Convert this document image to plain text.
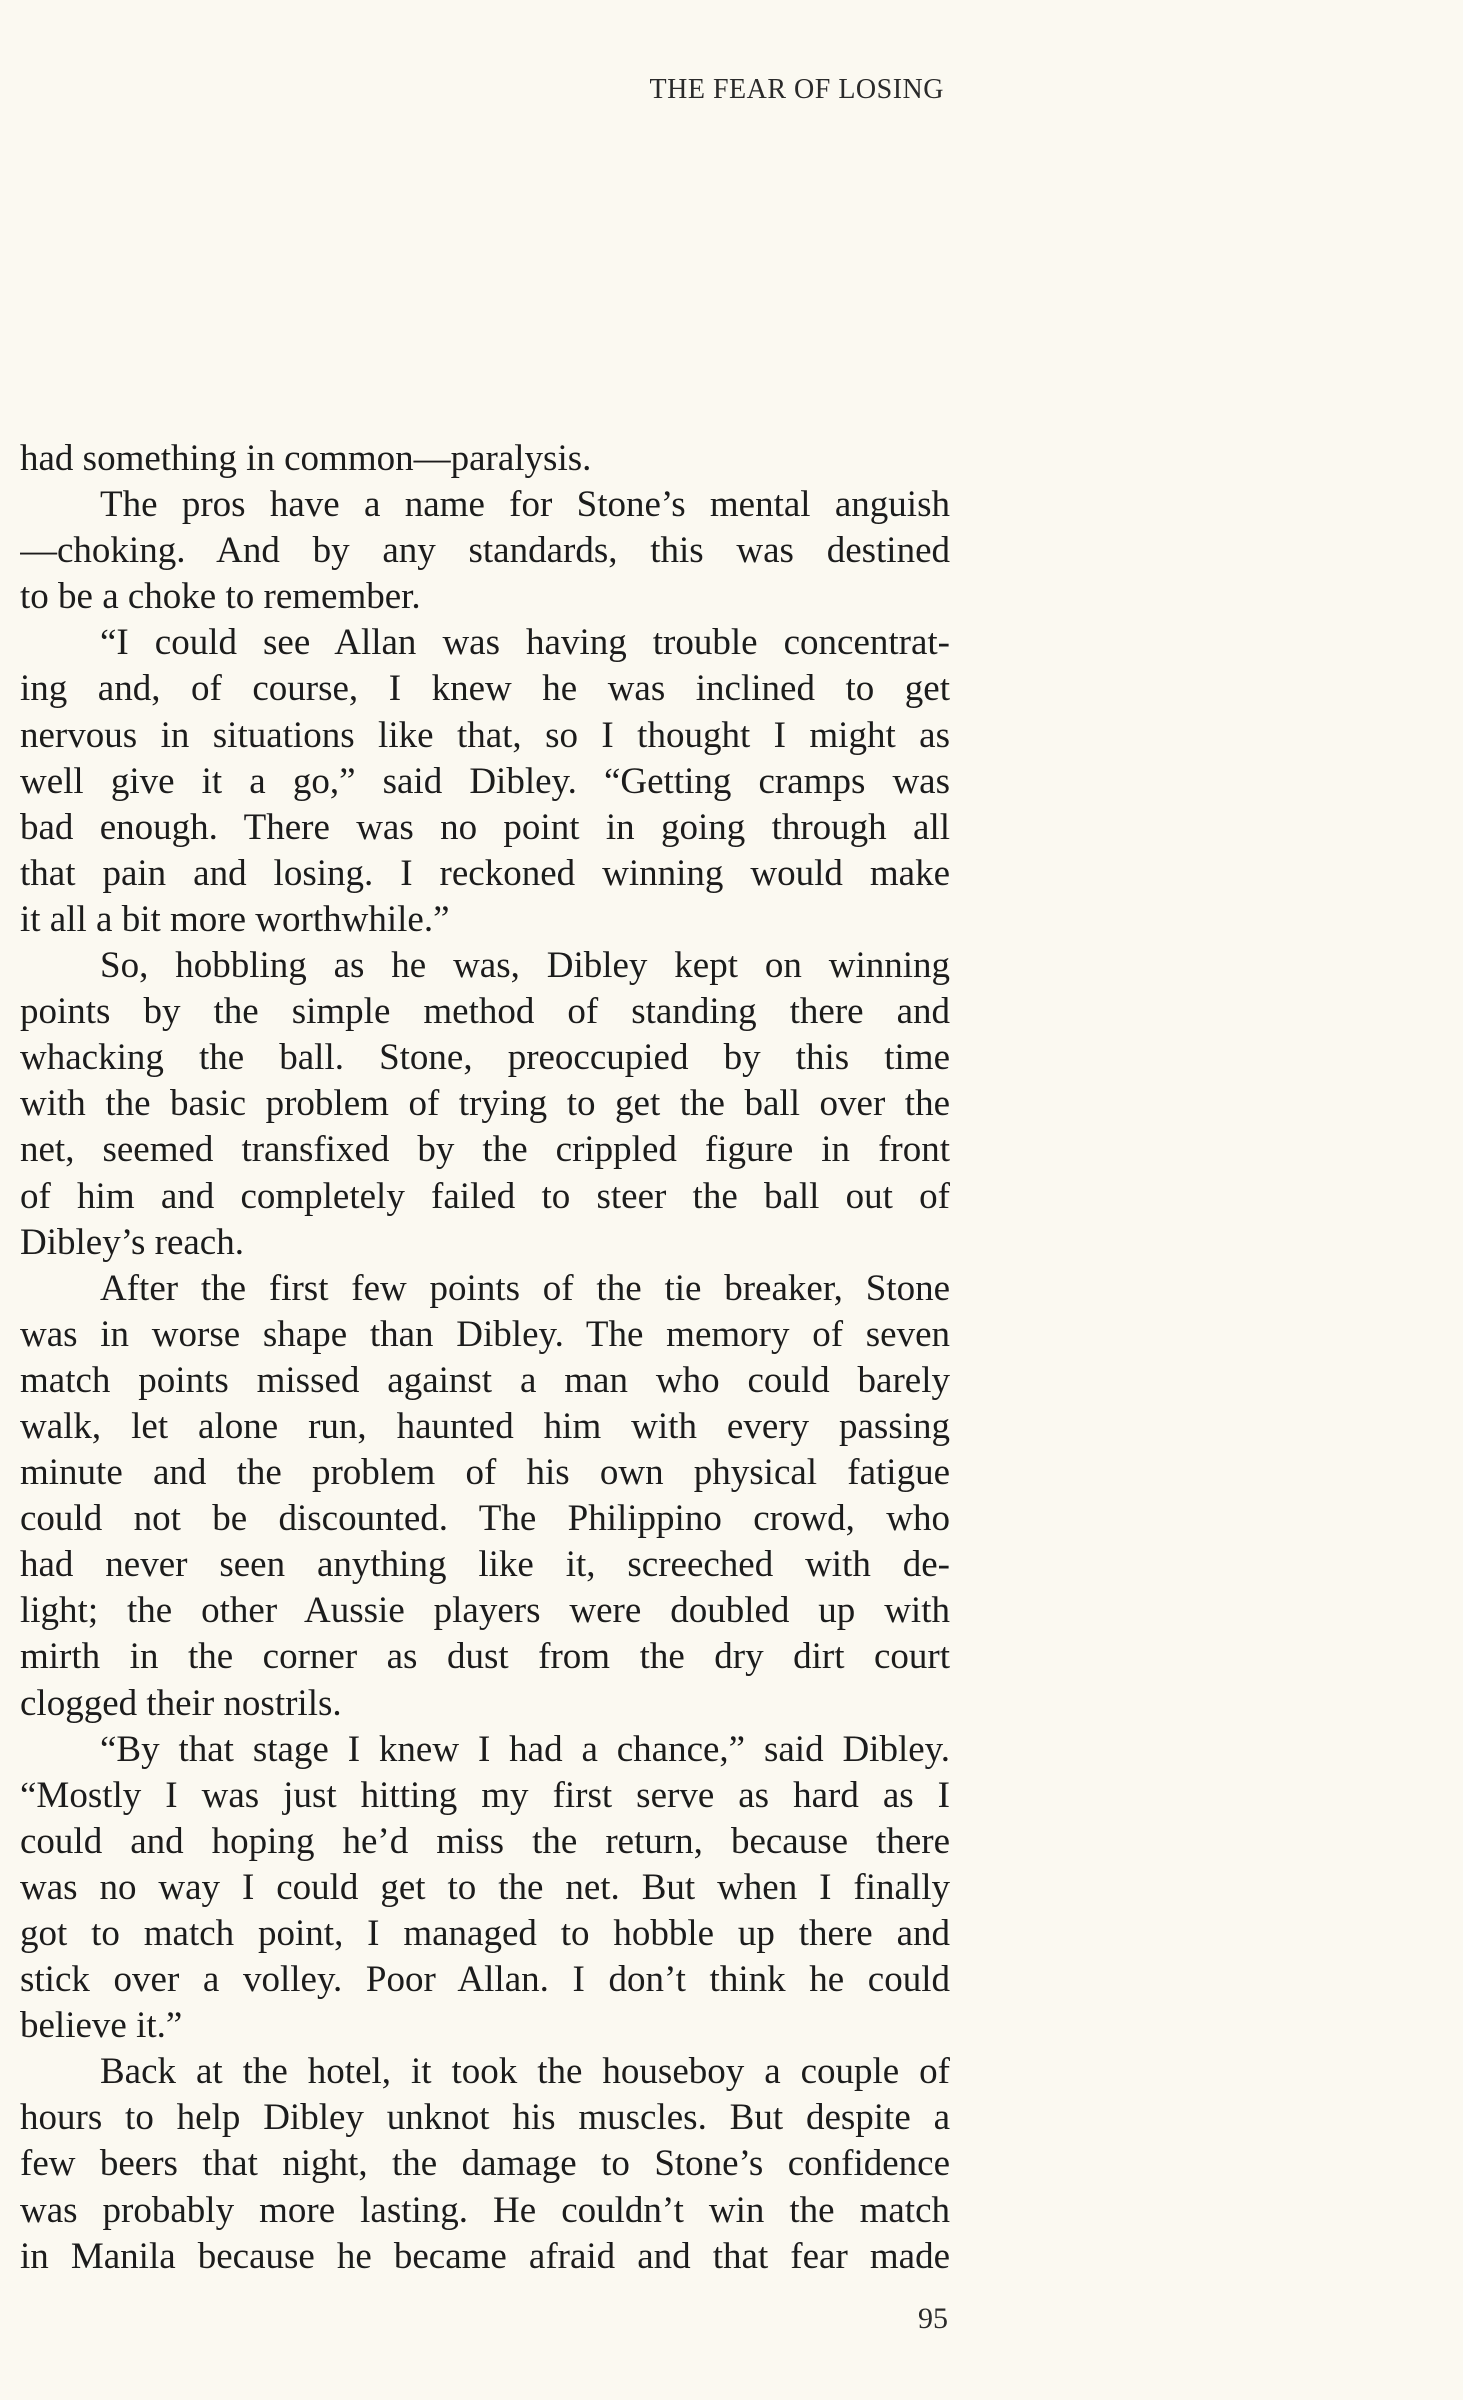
THE FEAR OF LOSING
had something in common—paralysis.
The pros have a name for Stone’s mental anguish
—choking. And by any standards, this was destined
to be a choke to remember.
“I could see Allan was having trouble concentrat-
ing and, of course, I knew he was inclined to get
nervous in situations like that, so I thought I might as
well give it a go,” said Dibley. “Getting cramps was
bad enough. There was no point in going through all
that pain and losing. I reckoned winning would make
it all a bit more worthwhile.”
So, hobbling as he was, Dibley kept on winning
points by the simple method of standing there and
whacking the ball. Stone, preoccupied by this time
with the basic problem of trying to get the ball over the
net, seemed transfixed by the crippled figure in front
of him and completely failed to steer the ball out of
Dibley’s reach.
After the first few points of the tie breaker, Stone
was in worse shape than Dibley. The memory of seven
match points missed against a man who could barely
walk, let alone run, haunted him with every passing
minute and the problem of his own physical fatigue
could not be discounted. The Philippino crowd, who
had never seen anything like it, screeched with de-
light; the other Aussie players were doubled up with
mirth in the corner as dust from the dry dirt court
clogged their nostrils.
“By that stage I knew I had a chance,” said Dibley.
“Mostly I was just hitting my first serve as hard as I
could and hoping he’d miss the return, because there
was no way I could get to the net. But when I finally
got to match point, I managed to hobble up there and
stick over a volley. Poor Allan. I don’t think he could
believe it.”
Back at the hotel, it took the houseboy a couple of
hours to help Dibley unknot his muscles. But despite a
few beers that night, the damage to Stone’s confidence
was probably more lasting. He couldn’t win the match
in Manila because he became afraid and that fear made
95
